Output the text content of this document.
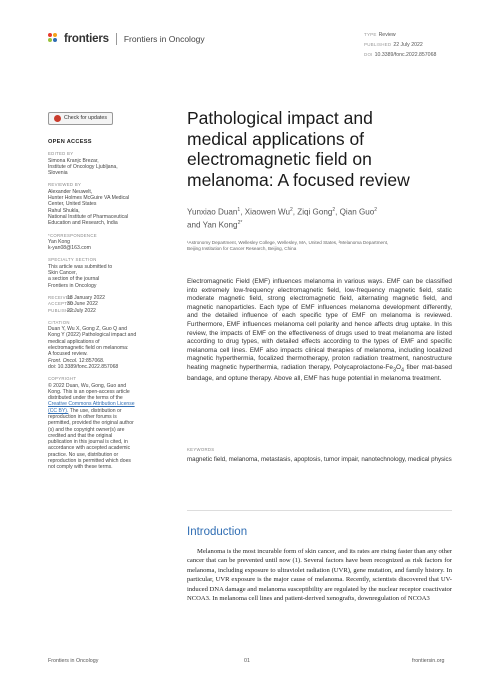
frontiers Frontiers in Oncology	TYPE Review
PUBLISHED 22 July 2022
DOI 10.3389/fonc.2022.857068
Check for updates
OPEN ACCESS
EDITED BY
Simona Kranjc Brezar,
Institute of Oncology Ljubljana,
Slovenia
REVIEWED BY
Alexander Neuwelt,
Hunter Holmes McGuire VA Medical
Center, United States
Rahul Shukla,
National Institute of Pharmaceutical
Education and Research, India
*CORRESPONDENCE
Yan Kong
k-yan08@163.com
SPECIALTY SECTION
This article was submitted to
Skin Cancer,
a section of the journal
Frontiers in Oncology
RECEIVED
18 January 2022
ACCEPTED
30 June 2022
PUBLISHED
22 July 2022
CITATION
Duan Y, Wu X, Gong Z, Guo Q and
Kong Y (2022) Pathological impact and
medical applications of
electromagnetic field on melanoma:
A focused review.
Front. Oncol. 12:857068.
doi: 10.3389/fonc.2022.857068
COPYRIGHT
© 2022 Duan, Wu, Gong, Guo and
Kong. This is an open-access article
distributed under the terms of the
Creative Commons Attribution License
(CC BY). The use, distribution or
reproduction in other forums is
permitted, provided the original author
(s) and the copyright owner(s) are
credited and that the original
publication in this journal is cited, in
accordance with accepted academic
practice. No use, distribution or
reproduction is permitted which does
not comply with these terms.
Pathological impact and
medical applications of
electromagnetic field on
melanoma: A focused review
Yunxiao Duan$^1$, Xiaowen Wu$^2$, Ziqi Gong$^2$, Qian Guo$^2$
and Yan Kong$^{2*}$
¹Astronomy Department, Wellesley College, Wellesley, MA, United States, ²Melanoma Department,
Beijing Institution for Cancer Research, Beijing, China
Electromagnetic Field (EMF) influences melanoma in various ways. EMF can be classified into extremely low-frequency electromagnetic field, low-frequency magnetic field, static moderate magnetic field, strong electromagnetic field, alternating magnetic field, and magnetic nanoparticles. Each type of EMF influences melanoma development differently, and the detailed influence of each specific type of EMF on melanoma is reviewed. Furthermore, EMF influences melanoma cell polarity and hence affects drug uptake. In this review, the impacts of EMF on the effectiveness of drugs used to treat melanoma are listed according to drug types, with detailed effects according to the types of EMF and specific melanoma cell lines. EMF also impacts clinical therapies of melanoma, including localized magnetic hyperthermia, focalized thermotherapy, proton radiation treatment, nanostructure heating magnetic hyperthermia, radiation therapy, Polycaprolactone-$Fe_3O_4$ fiber mat-based bandage, and optune therapy. Above all, EMF has huge potential in melanoma treatment.
KEYWORDS
magnetic field, melanoma, metastasis, apoptosis, tumor impair, nanotechnology, medical physics
Introduction
Melanoma is the most incurable form of skin cancer, and its rates are rising faster than any other cancer that can be prevented until now (1). Several factors have been recognized as risk factors for melanoma, including exposure to ultraviolet radiation (UVR), gene mutation, and family history. In particular, UVR exposure is the major cause of melanoma. Recently, scientists discovered that UV-induced DNA damage and melanoma susceptibility are regulated by the nuclear receptor coactivator NCOA3. In melanoma cell lines and patient-derived xenografts, downregulation of NCOA3
Frontiers in Oncology	01	frontiersin.org
